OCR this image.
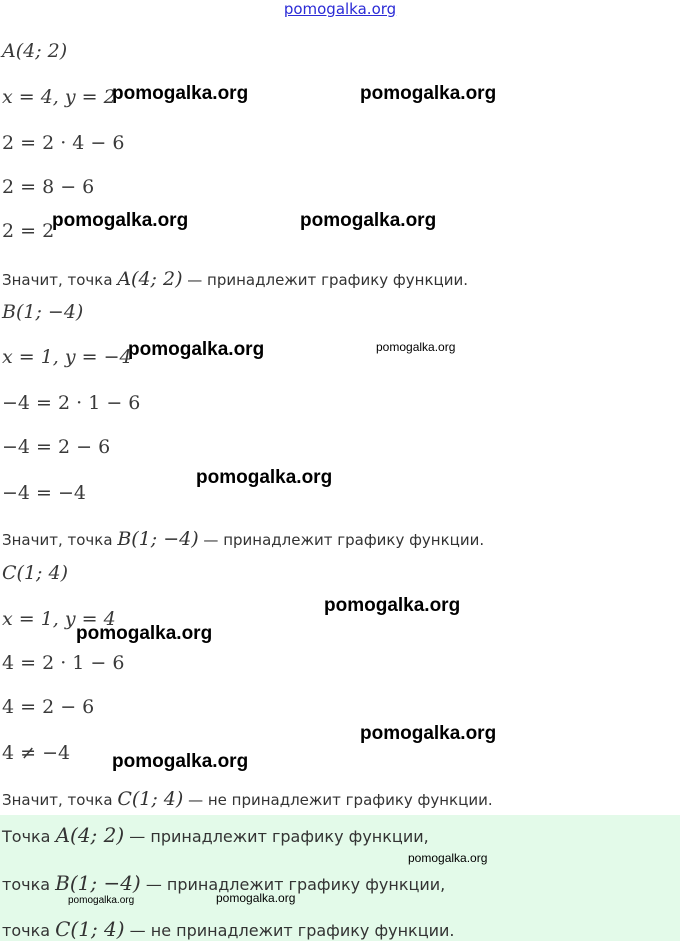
pomogalka.org
A(4; 2)
x = 4, y = 2
2 = 2 · 4 − 6
2 = 8 − 6
2 = 2
Значит, точка A(4; 2) — принадлежит графику функции.
B(1; −4)
x = 1, y = −4
−4 = 2 · 1 − 6
−4 = 2 − 6
−4 = −4
Значит, точка B(1; −4) — принадлежит графику функции.
C(1; 4)
x = 1, y = 4
4 = 2 · 1 − 6
4 = 2 − 6
4 ≠ −4
Значит, точка C(1; 4) — не принадлежит графику функции.
Точка A(4; 2) — принадлежит графику функции,
точка B(1; −4) — принадлежит графику функции,
точка C(1; 4) — не принадлежит графику функции.
pomogalka.org	pomogalka.org
pomogalka.org	pomogalka.org
pomogalka.org	pomogalka.org
pomogalka.org
pomogalka.org
pomogalka.org
pomogalka.org
pomogalka.org
pomogalka.org
pomogalka.org	pomogalka.org
